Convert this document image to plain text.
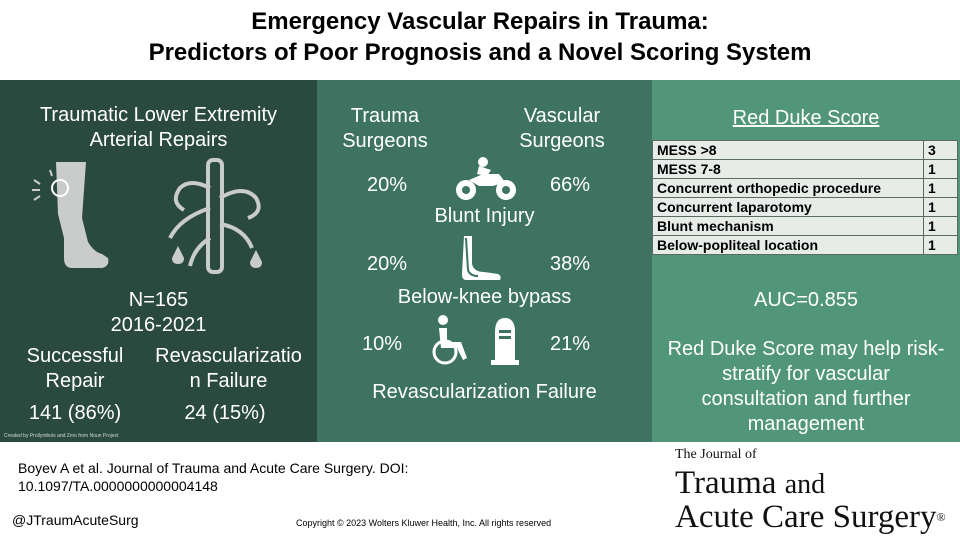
Emergency Vascular Repairs in Trauma:
Predictors of Poor Prognosis and a Novel Scoring System
Traumatic Lower Extremity
Arterial Repairs
N=165
2016-2021
Successful
Repair
Revascularizatio
n Failure
141 (86%)	24 (15%)
Created by Prollymbols and Zmo from Noun Project
Trauma
Surgeons
Vascular
Surgeons
20%	66%
Blunt Injury
20%	38%
Below-knee bypass
10%	21%
Revascularization Failure
Red Duke Score
MESS >8	3
MESS 7-8	1
Concurrent orthopedic procedure	1
Concurrent laparotomy	1
Blunt mechanism	1
Below-popliteal location	1
AUC=0.855
Red Duke Score may help risk-
stratify for vascular
consultation and further
management
Boyev A et al. Journal of Trauma and Acute Care Surgery. DOI:
10.1097/TA.0000000000004148
@JTraumAcuteSurg	Copyright © 2023 Wolters Kluwer Health, Inc. All rights reserved
The Journal of
Trauma and
Acute Care Surgery®
